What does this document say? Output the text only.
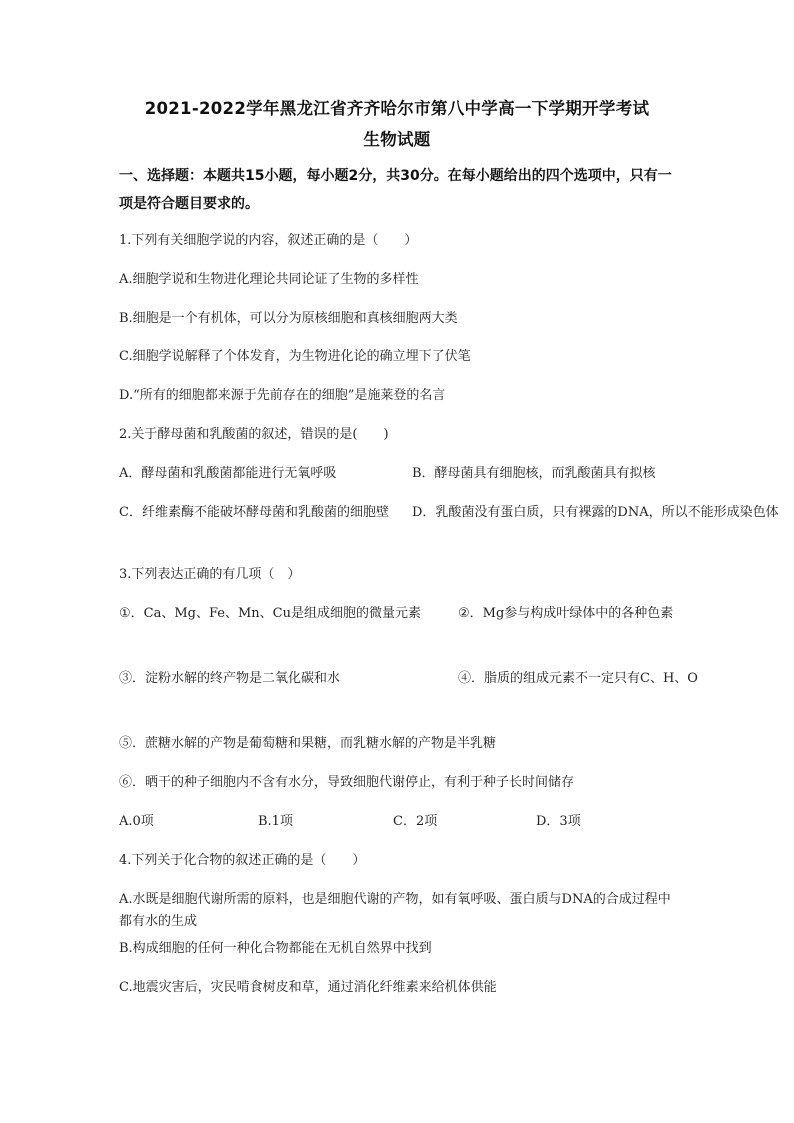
2021-2022学年黑龙江省齐齐哈尔市第八中学高一下学期开学考试
生物试题
一、选择题：本题共15小题，每小题2分，共30分。在每小题给出的四个选项中，只有一项是符合题目要求的。
1.下列有关细胞学说的内容，叙述正确的是（　　）
A.细胞学说和生物进化理论共同论证了生物的多样性
B.细胞是一个有机体，可以分为原核细胞和真核细胞两大类
C.细胞学说解释了个体发育，为生物进化论的确立埋下了伏笔
D.“所有的细胞都来源于先前存在的细胞”是施莱登的名言
2.关于酵母菌和乳酸菌的叙述，错误的是(　　)
A．酵母菌和乳酸菌都能进行无氧呼吸	B．酵母菌具有细胞核，而乳酸菌具有拟核
C．纤维素酶不能破坏酵母菌和乳酸菌的细胞壁 D．乳酸菌没有蛋白质，只有裸露的DNA，所以不能形成染色体
3.下列表达正确的有几项（　）
①．Ca、Mg、Fe、Mn、Cu是组成细胞的微量元素	②．Mg参与构成叶绿体中的各种色素
③．淀粉水解的终产物是二氧化碳和水	④．脂质的组成元素不一定只有C、H、O
⑤．蔗糖水解的产物是葡萄糖和果糖，而乳糖水解的产物是半乳糖
⑥．晒干的种子细胞内不含有水分，导致细胞代谢停止，有利于种子长时间储存
A.0项	B.1项	C．2项	D．3项
4.下列关于化合物的叙述正确的是（　　）
A.水既是细胞代谢所需的原料，也是细胞代谢的产物，如有氧呼吸、蛋白质与DNA的合成过程中都有水的生成
B.构成细胞的任何一种化合物都能在无机自然界中找到
C.地震灾害后，灾民啃食树皮和草，通过消化纤维素来给机体供能
